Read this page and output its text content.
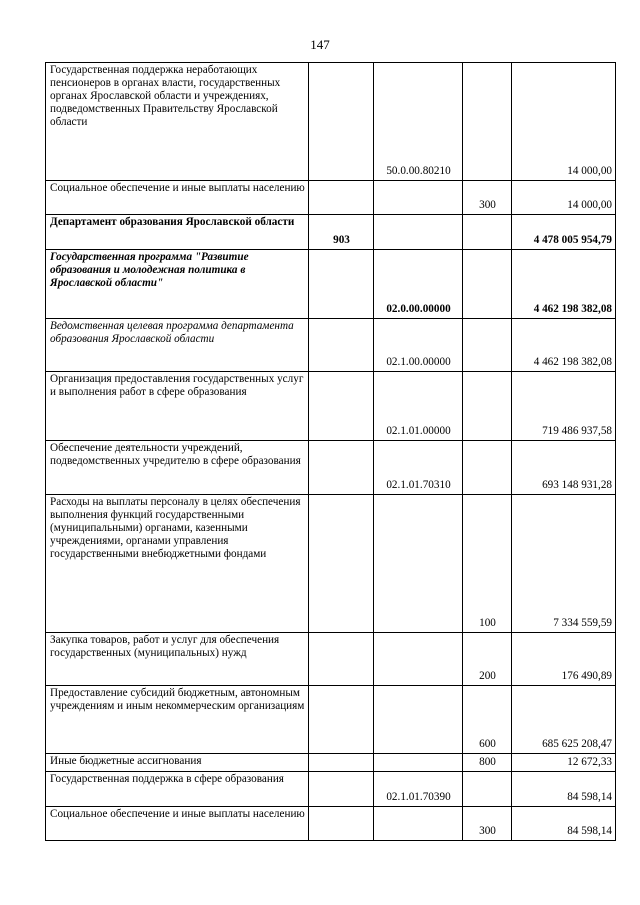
147
Государственная поддержка неработающих пенсионеров в органах власти, государственных органах Ярославской области и учреждениях, подведомственных Правительству Ярославской области		50.0.00.80210		14 000,00
Социальное обеспечение и иные выплаты населению			300	14 000,00
Департамент образования Ярославской области	903			4 478 005 954,79
Государственная программа "Развитие образования и молодежная политика в Ярославской области"		02.0.00.00000		4 462 198 382,08
Ведомственная целевая программа департамента образования Ярославской области		02.1.00.00000		4 462 198 382,08
Организация предоставления государственных услуг и выполнения работ в сфере образования		02.1.01.00000		719 486 937,58
Обеспечение деятельности учреждений, подведомственных учредителю в сфере образования		02.1.01.70310		693 148 931,28
Расходы на выплаты персоналу в целях обеспечения выполнения функций государственными (муниципальными) органами, казенными учреждениями, органами управления государственными внебюджетными фондами			100	7 334 559,59
Закупка товаров, работ и услуг для обеспечения государственных (муниципальных) нужд			200	176 490,89
Предоставление субсидий бюджетным, автономным учреждениям и иным некоммерческим организациям			600	685 625 208,47
Иные бюджетные ассигнования			800	12 672,33
Государственная поддержка в сфере образования		02.1.01.70390		84 598,14
Социальное обеспечение и иные выплаты населению			300	84 598,14
